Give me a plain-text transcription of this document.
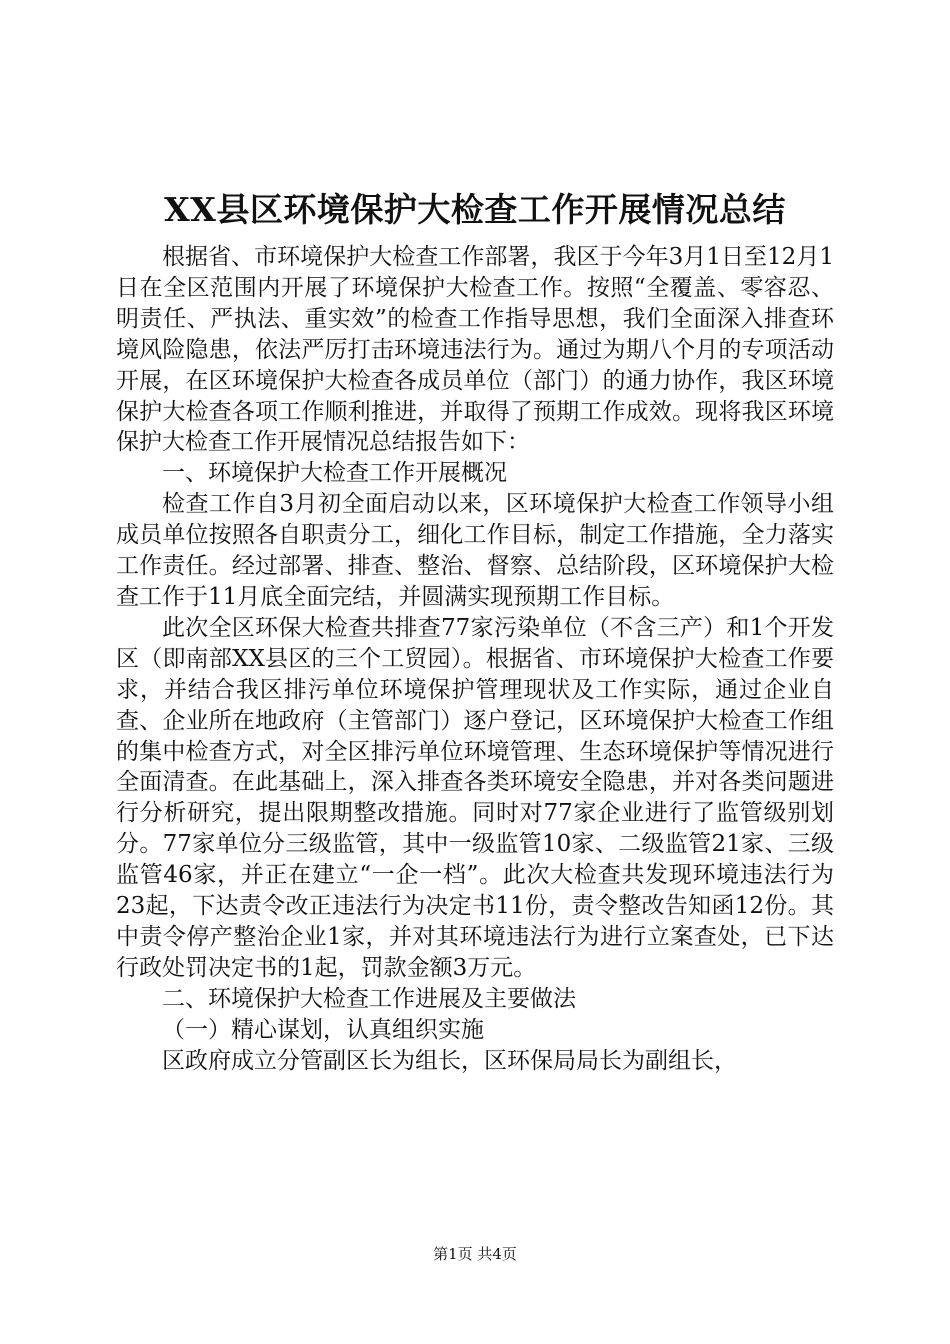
XX县区环境保护大检查工作开展情况总结

根据省、市环境保护大检查工作部署，我区于今年3月1日至12月1日在全区范围内开展了环境保护大检查工作。按照“全覆盖、零容忍、明责任、严执法、重实效”的检查工作指导思想，我们全面深入排查环境风险隐患，依法严厉打击环境违法行为。通过为期八个月的专项活动开展，在区环境保护大检查各成员单位（部门）的通力协作，我区环境保护大检查各项工作顺利推进，并取得了预期工作成效。现将我区环境保护大检查工作开展情况总结报告如下：

一、环境保护大检查工作开展概况

检查工作自3月初全面启动以来，区环境保护大检查工作领导小组成员单位按照各自职责分工，细化工作目标，制定工作措施，全力落实工作责任。经过部署、排查、整治、督察、总结阶段，区环境保护大检查工作于11月底全面完结，并圆满实现预期工作目标。

此次全区环保大检查共排查77家污染单位（不含三产）和1个开发区（即南部XX县区的三个工贸园）。根据省、市环境保护大检查工作要求，并结合我区排污单位环境保护管理现状及工作实际，通过企业自查、企业所在地政府（主管部门）逐户登记，区环境保护大检查工作组的集中检查方式，对全区排污单位环境管理、生态环境保护等情况进行全面清查。在此基础上，深入排查各类环境安全隐患，并对各类问题进行分析研究，提出限期整改措施。同时对77家企业进行了监管级别划分。77家单位分三级监管，其中一级监管10家、二级监管21家、三级监管46家，并正在建立“一企一档”。此次大检查共发现环境违法行为23起，下达责令改正违法行为决定书11份，责令整改告知函12份。其中责令停产整治企业1家，并对其环境违法行为进行立案查处，已下达行政处罚决定书的1起，罚款金额3万元。

二、环境保护大检查工作进展及主要做法

（一）精心谋划，认真组织实施

区政府成立分管副区长为组长，区环保局局长为副组长，

第1页 共4页
